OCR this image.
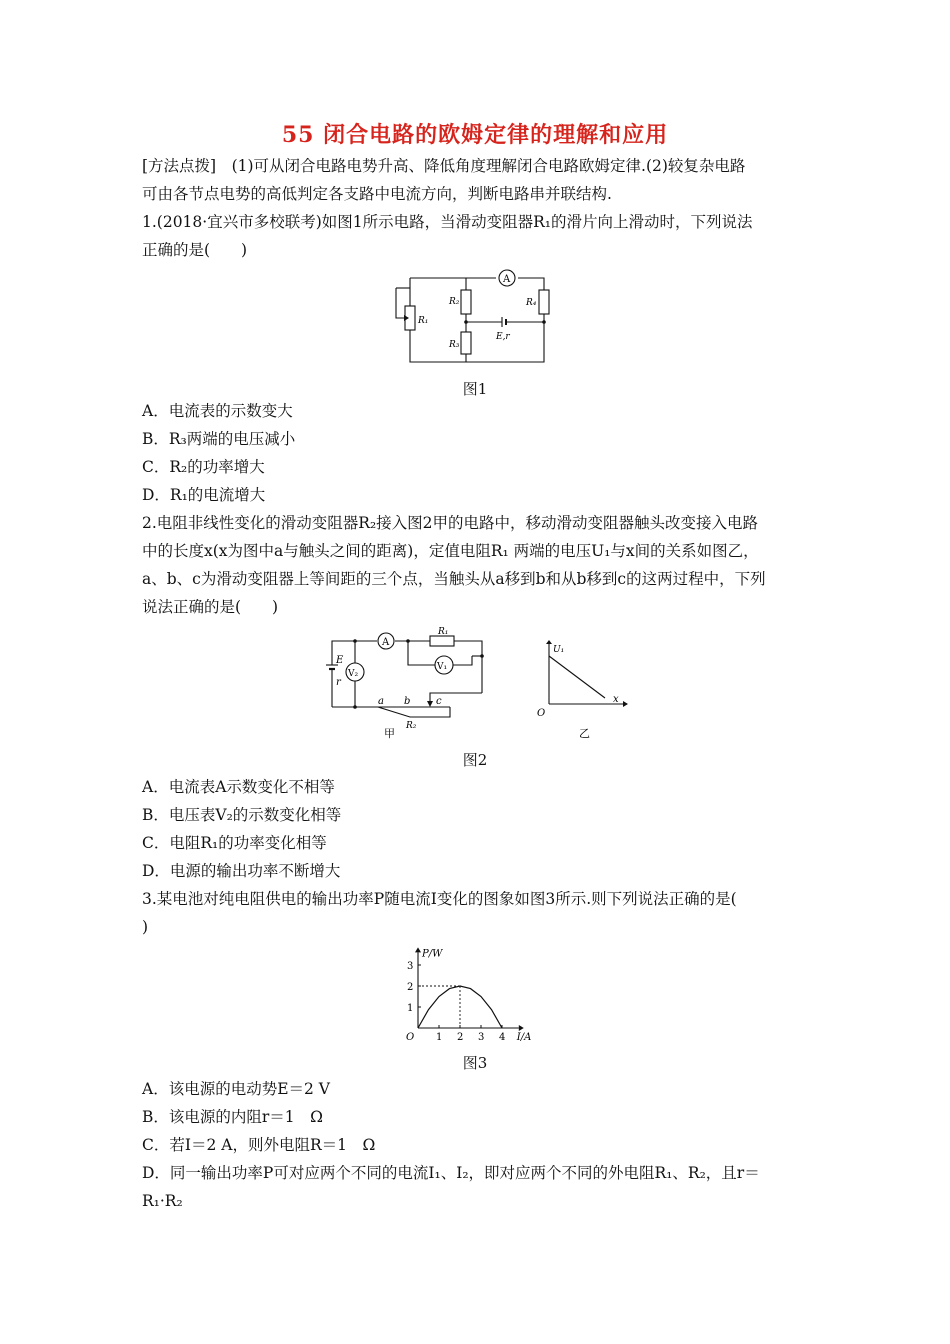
55 闭合电路的欧姆定律的理解和应用
[方法点拨]　(1)可从闭合电路电势升高、降低角度理解闭合电路欧姆定律.(2)较复杂电路
可由各节点电势的高低判定各支路中电流方向，判断电路串并联结构.
1.(2018·宜兴市多校联考)如图1所示电路，当滑动变阻器R₁的滑片向上滑动时，下列说法
正确的是(　　)
A
R₂
R₃
R₄
R₁
E,r
图1
A．电流表的示数变大
B．R₃两端的电压减小
C．R₂的功率增大
D．R₁的电流增大
2.电阻非线性变化的滑动变阻器R₂接入图2甲的电路中，移动滑动变阻器触头改变接入电路
中的长度x(x为图中a与触头之间的距离)，定值电阻R₁ 两端的电压U₁与x间的关系如图乙，
a、b、c为滑动变阻器上等间距的三个点，当触头从a移到b和从b移到c的这两过程中，下列
说法正确的是(　　)
A
R₁
V₁
V₂
E
r
a b	c
R₂
甲
U₁
x
O
乙
图2
A．电流表A示数变化不相等
B．电压表V₂的示数变化相等
C．电阻R₁的功率变化相等
D．电源的输出功率不断增大
3.某电池对纯电阻供电的输出功率P随电流I变化的图象如图3所示.则下列说法正确的是(
)
1 2 3 4
1
2
3
O	I/A
P/W
图3
A．该电源的电动势E＝2 V
B．该电源的内阻r＝1　Ω
C．若I＝2 A，则外电阻R＝1　Ω
D．同一输出功率P可对应两个不同的电流I₁、I₂，即对应两个不同的外电阻R₁、R₂，且r＝
R₁·R₂
